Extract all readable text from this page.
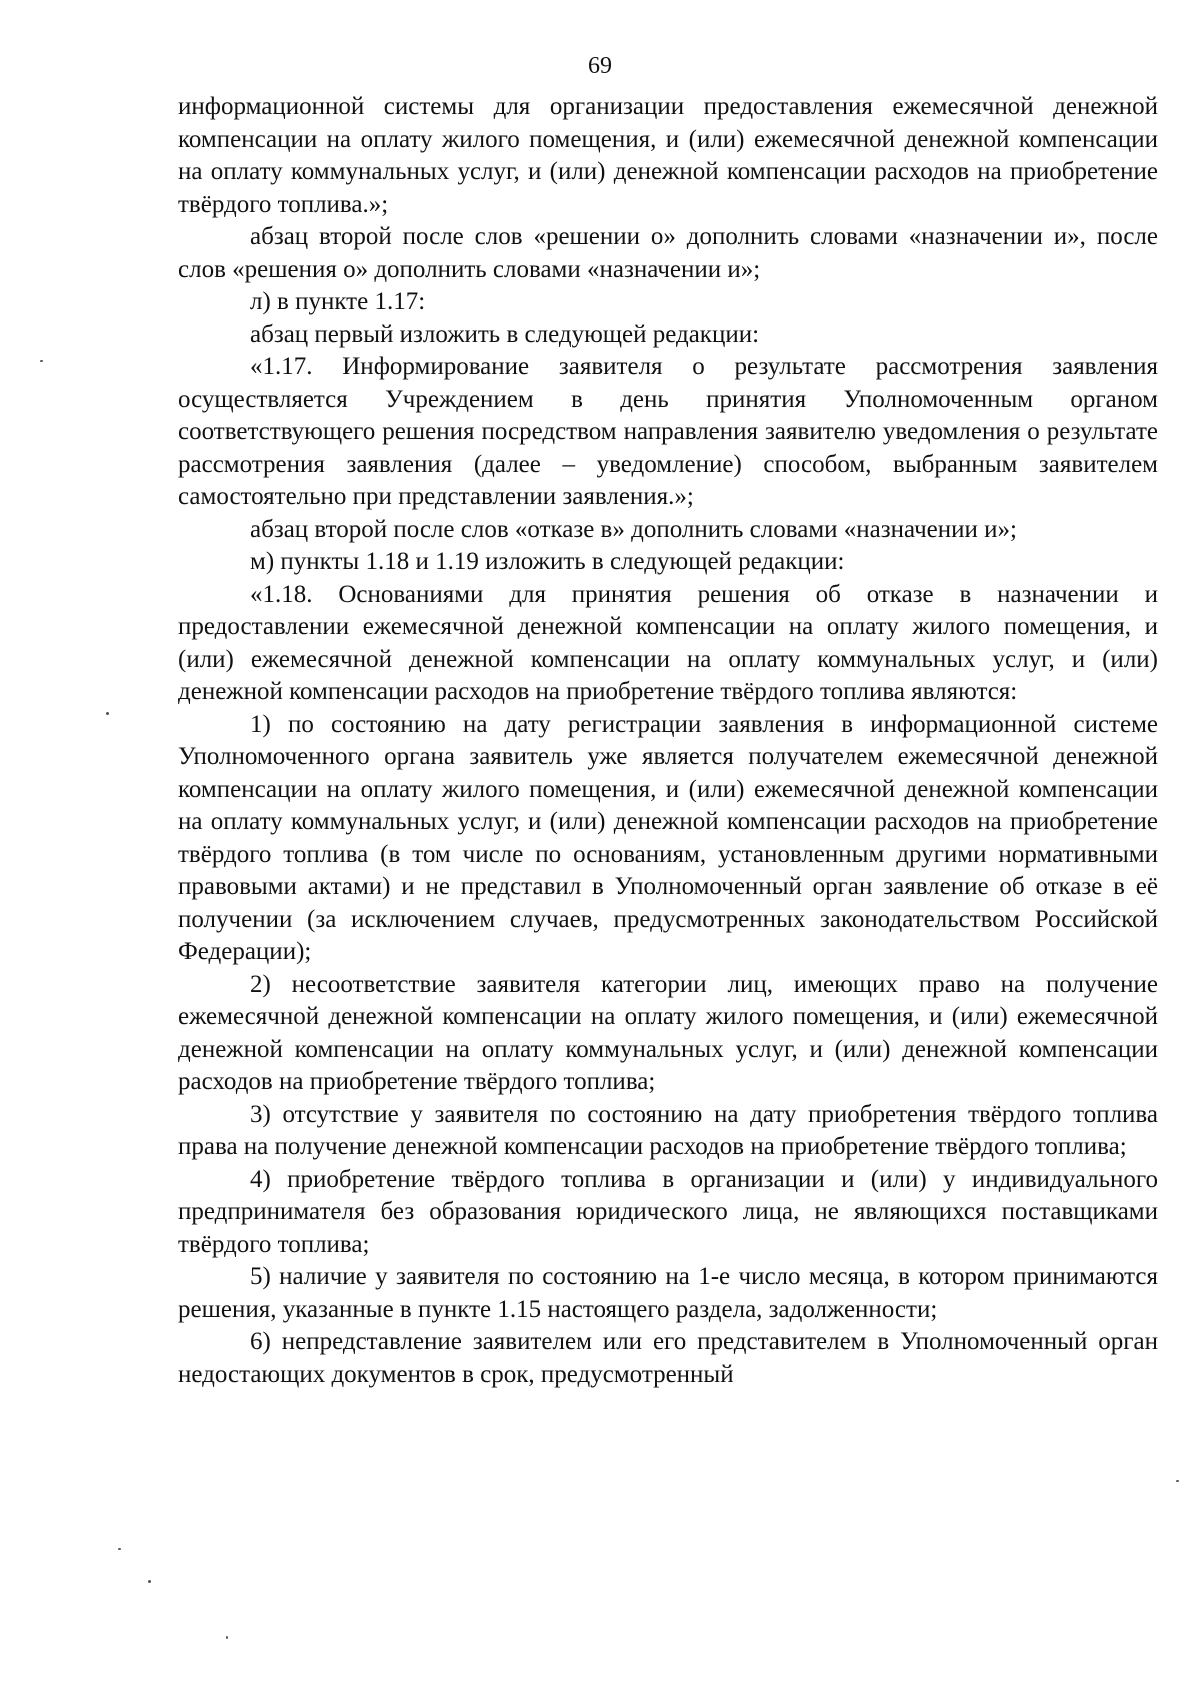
69

информационной системы для организации предоставления ежемесячной денежной компенсации на оплату жилого помещения, и (или) ежемесячной денежной компенсации на оплату коммунальных услуг, и (или) денежной компенсации расходов на приобретение твёрдого топлива.»;

абзац второй после слов «решении о» дополнить словами «назначении и», после слов «решения о» дополнить словами «назначении и»;

л) в пункте 1.17:

абзац первый изложить в следующей редакции:

«1.17. Информирование заявителя о результате рассмотрения заявления осуществляется Учреждением в день принятия Уполномоченным органом соответствующего решения посредством направления заявителю уведомления о результате рассмотрения заявления (далее – уведомление) способом, выбранным заявителем самостоятельно при представлении заявления.»;

абзац второй после слов «отказе в» дополнить словами «назначении и»;

м) пункты 1.18 и 1.19 изложить в следующей редакции:

«1.18. Основаниями для принятия решения об отказе в назначении и предоставлении ежемесячной денежной компенсации на оплату жилого помещения, и (или) ежемесячной денежной компенсации на оплату коммунальных услуг, и (или) денежной компенсации расходов на приобретение твёрдого топлива являются:

1) по состоянию на дату регистрации заявления в информационной системе Уполномоченного органа заявитель уже является получателем ежемесячной денежной компенсации на оплату жилого помещения, и (или) ежемесячной денежной компенсации на оплату коммунальных услуг, и (или) денежной компенсации расходов на приобретение твёрдого топлива (в том числе по основаниям, установленным другими нормативными правовыми актами) и не представил в Уполномоченный орган заявление об отказе в её получении (за исключением случаев, предусмотренных законодательством Российской Федерации);

2) несоответствие заявителя категории лиц, имеющих право на получение ежемесячной денежной компенсации на оплату жилого помещения, и (или) ежемесячной денежной компенсации на оплату коммунальных услуг, и (или) денежной компенсации расходов на приобретение твёрдого топлива;

3) отсутствие у заявителя по состоянию на дату приобретения твёрдого топлива права на получение денежной компенсации расходов на приобретение твёрдого топлива;

4) приобретение твёрдого топлива в организации и (или) у индивидуального предпринимателя без образования юридического лица, не являющихся поставщиками твёрдого топлива;

5) наличие у заявителя по состоянию на 1-е число месяца, в котором принимаются решения, указанные в пункте 1.15 настоящего раздела, задолженности;

6) непредставление заявителем или его представителем в Уполномоченный орган недостающих документов в срок, предусмотренный
